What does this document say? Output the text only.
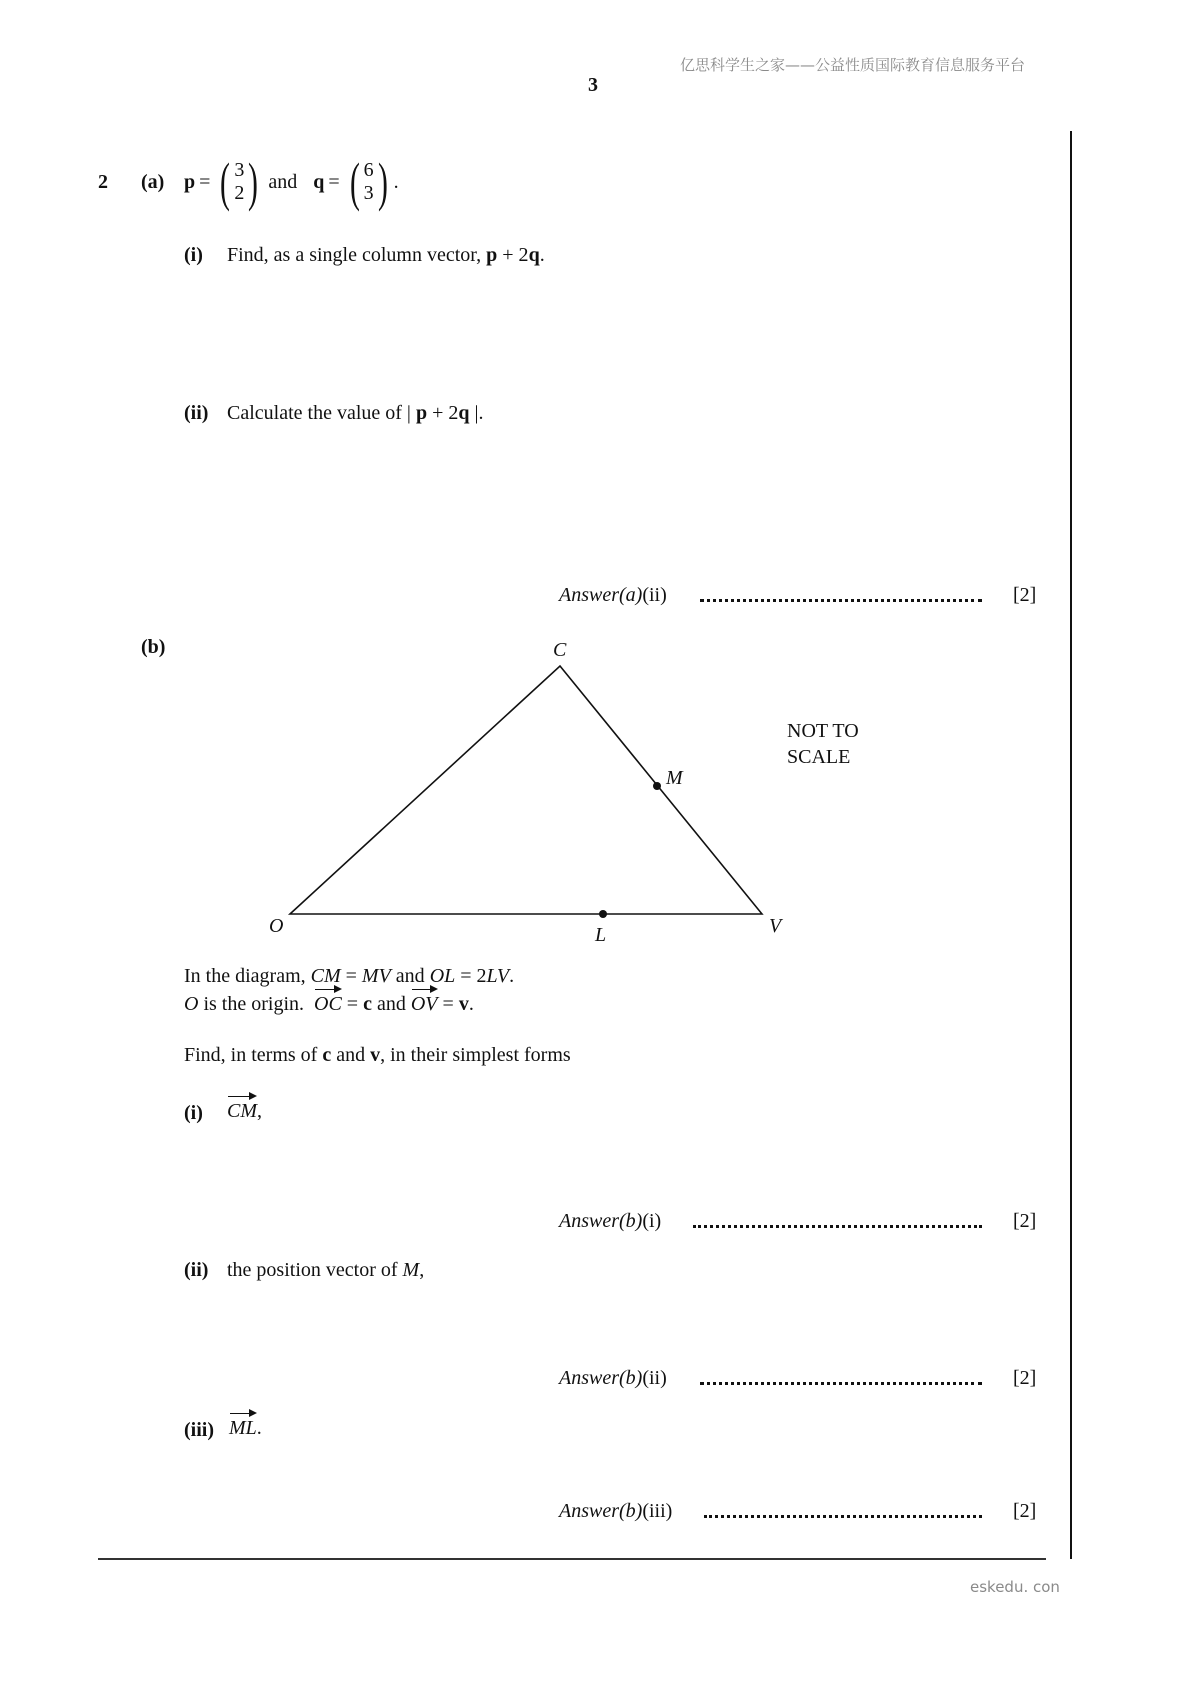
亿思科学生之家——公益性质国际教育信息服务平台
3
2 (a) p = ( 3
2 ) and q = ( 6
3 ) .
(i) Find, as a single column vector, p + 2q.
(ii) Calculate the value of | p + 2q |.
Answer(a)(ii)	[2]
(b)	C
M
O	L	V
NOT TO
SCALE
In the diagram, CM = MV and OL = 2LV.
O is the origin.  OC = c and OV = v.
Find, in terms of c and v, in their simplest forms
(i) CM,
Answer(b)(i)	[2]
(ii) the position vector of M,
Answer(b)(ii)	[2]
(iii) ML.
Answer(b)(iii)	[2]
eskedu. con
